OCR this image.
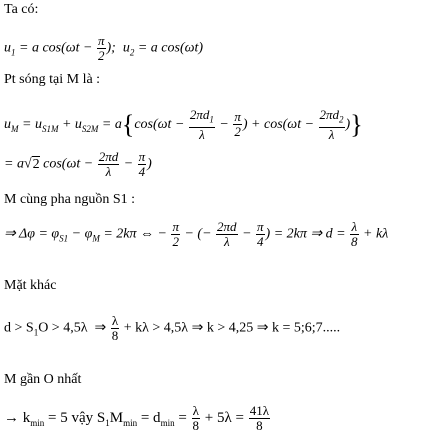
Ta có:
$u_1 = a$ $\cos(\omega t - \frac{\pi}{2}$ );  $u_2 = a$ cos(ωt)
Pt sóng tại M là :
$u_M = u_{S1M} + u_{S2M} = a\{\cos(\omega t - \frac{2\pi d_1}{\lambda} - \frac{\pi}{2}$ ) + $\cos(\omega t - \frac{2\pi d_2}{\lambda}$ )}
= a√2 $\cos(\omega t - \frac{2\pi d}{\lambda} - \frac{\pi}{4}$ )
M cùng pha nguồn S1 :
⇒ $\Delta\varphi = \varphi_{S1} - \varphi_M = 2k\pi$ ⇔ − $\frac{\pi}{2}$ − (− $\frac{2\pi d}{\lambda} - \frac{\pi}{4}$ ) = 2kπ ⇒ $d = \frac{\lambda}{8} + k\lambda$
Mặt khác
$d > S_1O > 4,5\lambda$  ⇒ $\frac{\lambda}{8} + k\lambda > 4,5\lambda$ ⇒ k > 4,25 ⇒ k = 5;6;7.....
M gần O nhất
→ $k_{min} = 5$ vậy $S_1M_{min} = d_{min} = \frac{\lambda}{8} + 5\lambda = \frac{41\lambda}{8}$
